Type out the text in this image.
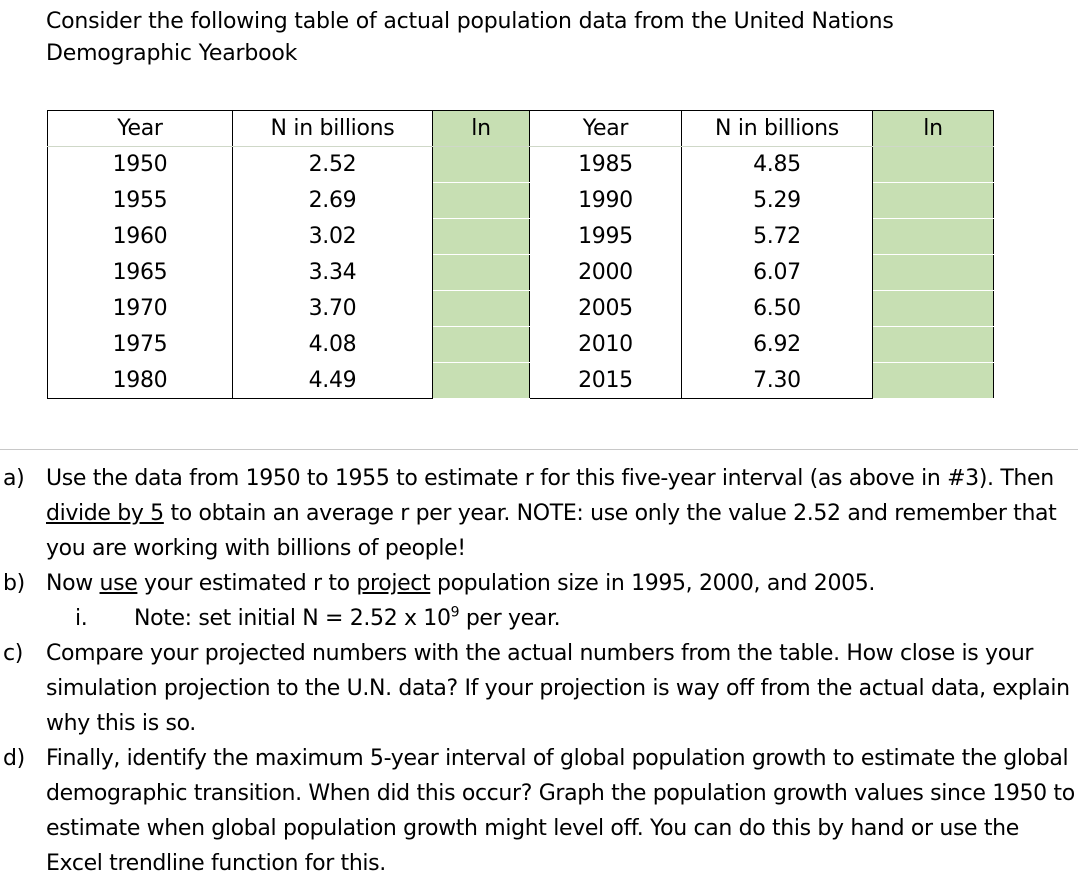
Consider the following table of actual population data from the United Nations Demographic Yearbook
Year	N in billions	ln	Year	N in billions	ln
1950	2.52		1985	4.85	
1955	2.69		1990	5.29	
1960	3.02		1995	5.72	
1965	3.34		2000	6.07	
1970	3.70		2005	6.50	
1975	4.08		2010	6.92	
1980	4.49		2015	7.30	
a) Use the data from 1950 to 1955 to estimate r for this five-year interval (as above in #3). Then divide by 5 to obtain an average r per year. NOTE: use only the value 2.52 and remember that you are working with billions of people!
b) Now use your estimated r to project population size in 1995, 2000, and 2005.
i. Note: set initial N = 2.52 x $10^9$ per year.
c) Compare your projected numbers with the actual numbers from the table. How close is your simulation projection to the U.N. data? If your projection is way off from the actual data, explain why this is so.
d) Finally, identify the maximum 5-year interval of global population growth to estimate the global demographic transition. When did this occur? Graph the population growth values since 1950 to estimate when global population growth might level off. You can do this by hand or use the Excel trendline function for this.
